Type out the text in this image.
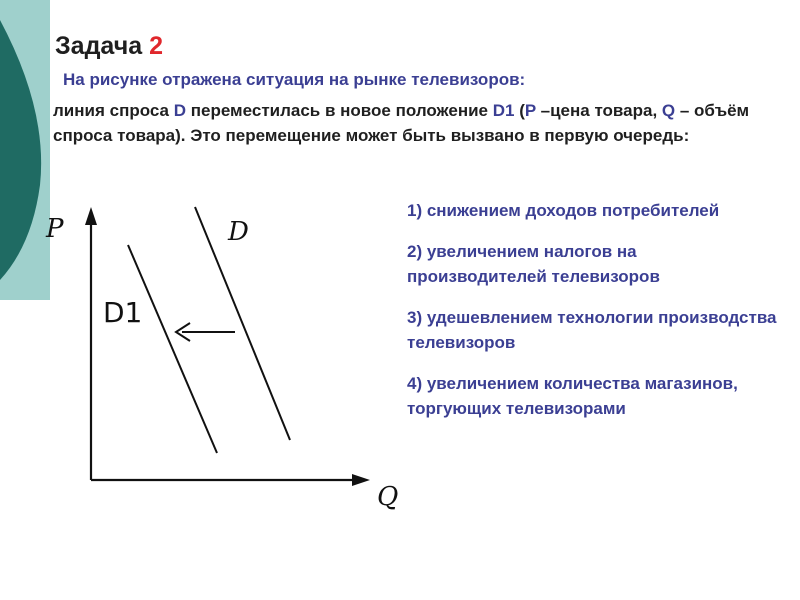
Задача 2
На рисунке отражена ситуация на рынке телевизоров:
линия спроса D переместилась в новое положение D1 (P –цена товара, Q – объём спроса товара). Это перемещение может быть вызвано в первую очередь:
1) снижением доходов потребителей
2) увеличением налогов на производителей телевизоров
3) удешевлением технологии производства телевизоров
4) увеличением количества магазинов, торгующих телевизорами
P
Q
D
D1
